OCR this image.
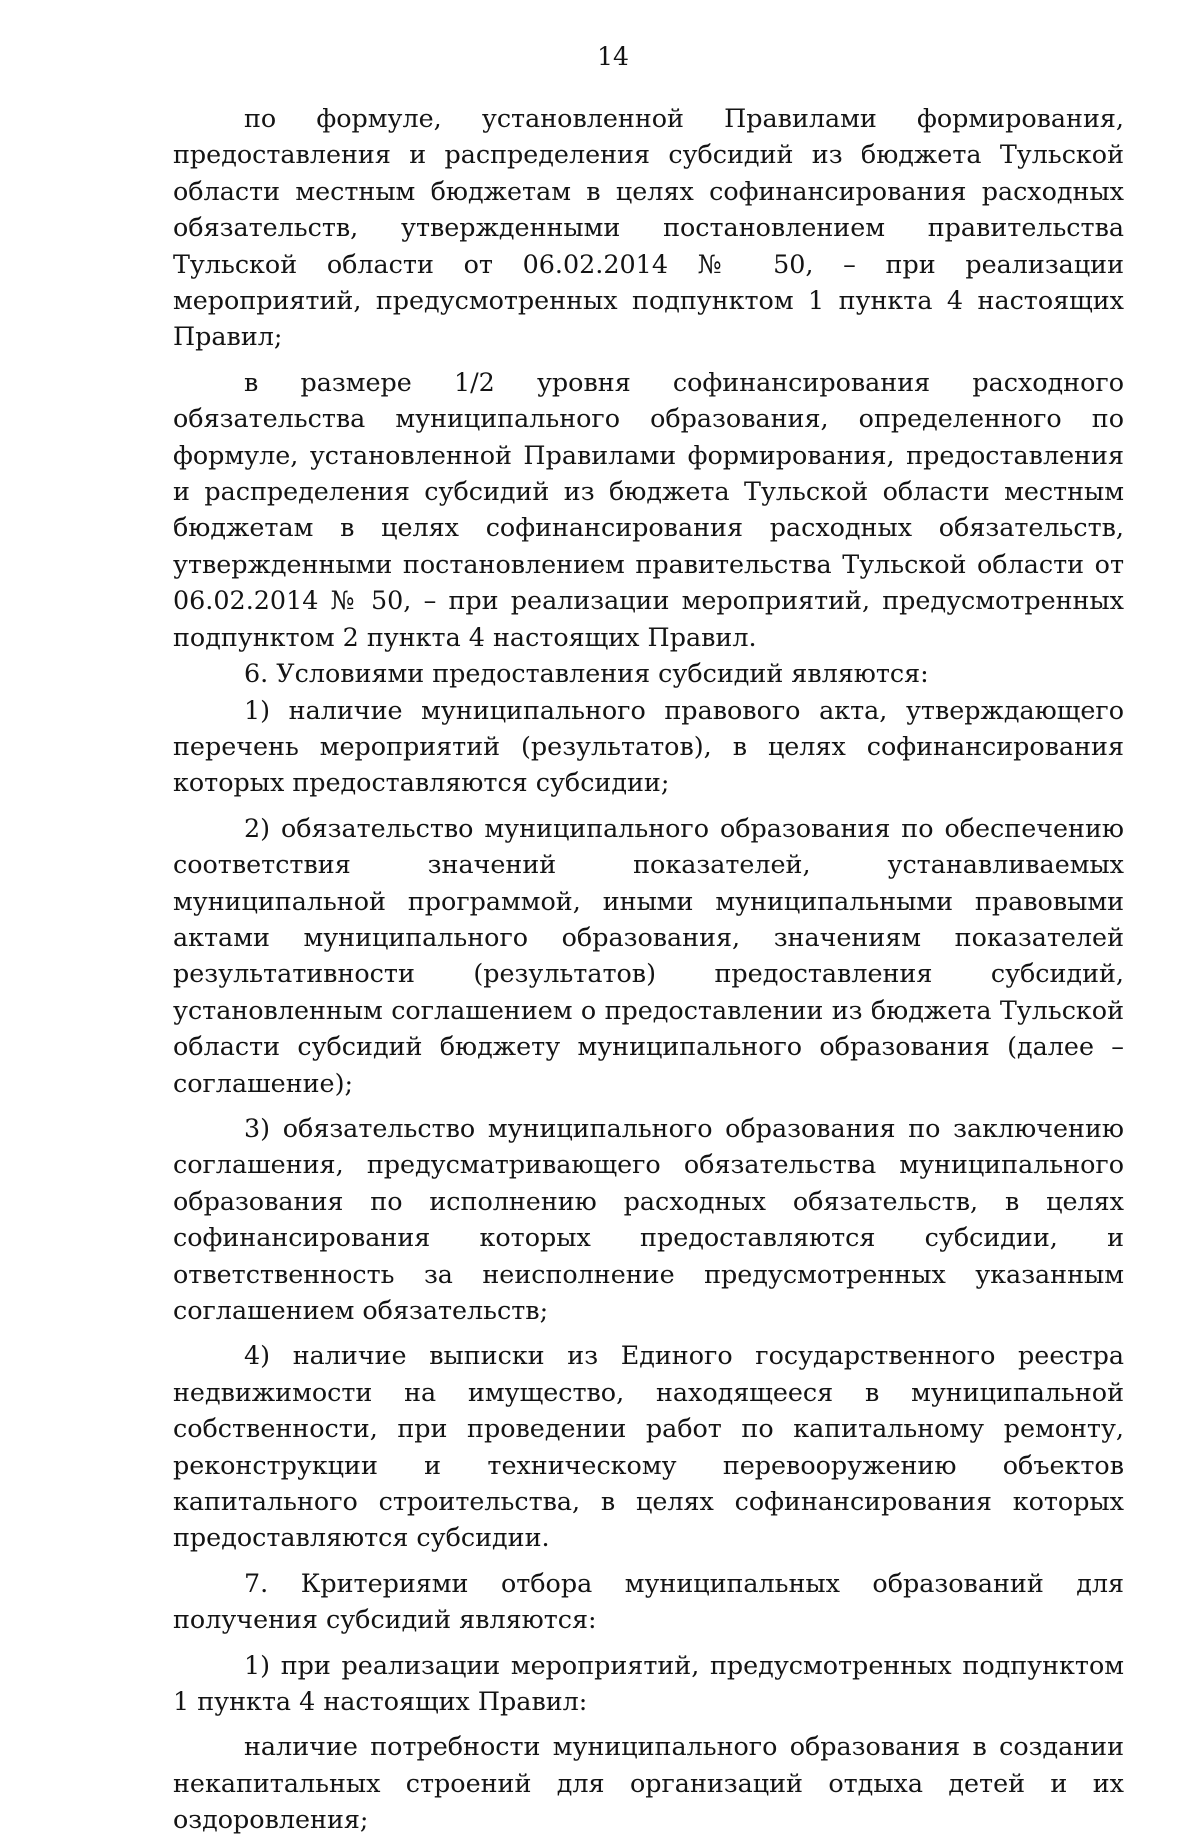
14

по формуле, установленной Правилами формирования, предоставления и распределения субсидий из бюджета Тульской области местным бюджетам в целях софинансирования расходных обязательств, утвержденными постановлением правительства Тульской области от 06.02.2014 № 50, – при реализации мероприятий, предусмотренных подпунктом 1 пункта 4 настоящих Правил;

в размере 1/2 уровня софинансирования расходного обязательства муниципального образования, определенного по формуле, установленной Правилами формирования, предоставления и распределения субсидий из бюджета Тульской области местным бюджетам в целях софинансирования расходных обязательств, утвержденными постановлением правительства Тульской области от 06.02.2014 № 50, – при реализации мероприятий, предусмотренных подпунктом 2 пункта 4 настоящих Правил.

6. Условиями предоставления субсидий являются:

1) наличие муниципального правового акта, утверждающего перечень мероприятий (результатов), в целях софинансирования которых предоставляются субсидии;

2) обязательство муниципального образования по обеспечению соответствия значений показателей, устанавливаемых муниципальной программой, иными муниципальными правовыми актами муниципального образования, значениям показателей результативности (результатов) предоставления субсидий, установленным соглашением о предоставлении из бюджета Тульской области субсидий бюджету муниципального образования (далее – соглашение);

3) обязательство муниципального образования по заключению соглашения, предусматривающего обязательства муниципального образования по исполнению расходных обязательств, в целях софинансирования которых предоставляются субсидии, и ответственность за неисполнение предусмотренных указанным соглашением обязательств;

4) наличие выписки из Единого государственного реестра недвижимости на имущество, находящееся в муниципальной собственности, при проведении работ по капитальному ремонту, реконструкции и техническому перевооружению объектов капитального строительства, в целях софинансирования которых предоставляются субсидии.

7. Критериями отбора муниципальных образований для получения субсидий являются:

1) при реализации мероприятий, предусмотренных подпунктом 1 пункта 4 настоящих Правил:

наличие потребности муниципального образования в создании некапитальных строений для организаций отдыха детей и их оздоровления;
